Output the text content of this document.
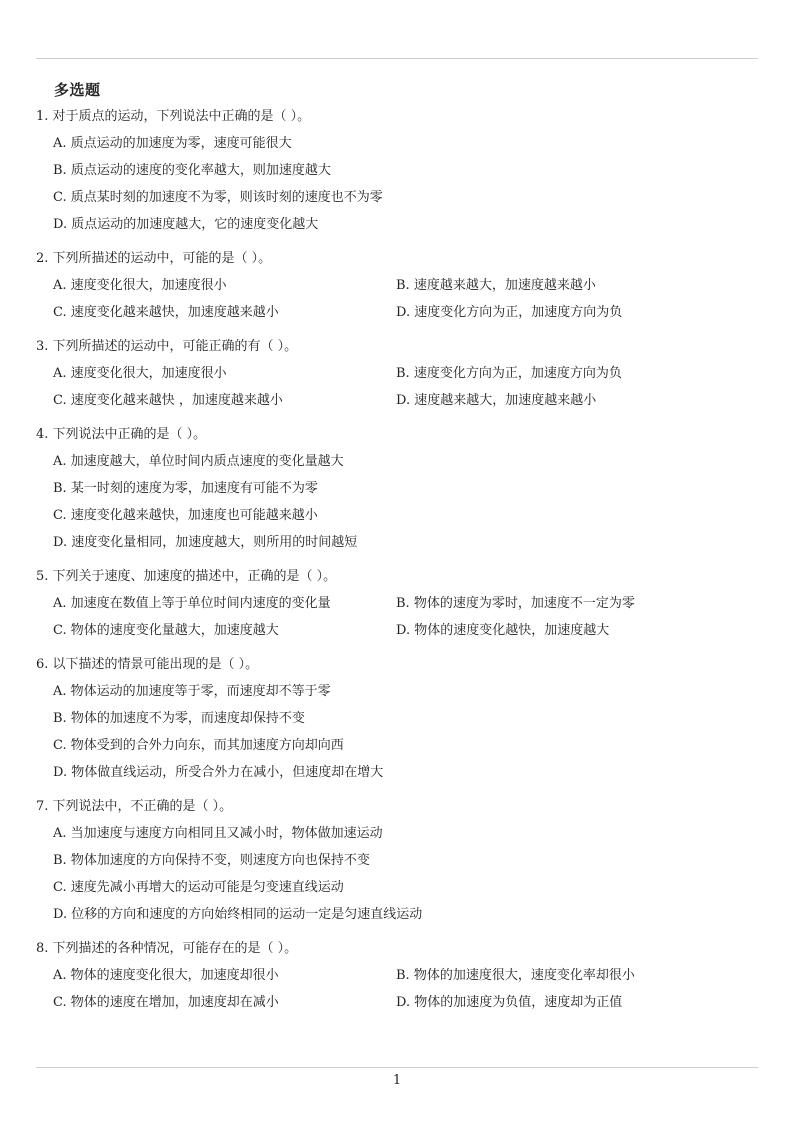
多选题
1. 对于质点的运动，下列说法中正确的是（ ）。
A. 质点运动的加速度为零，速度可能很大
B. 质点运动的速度的变化率越大，则加速度越大
C. 质点某时刻的加速度不为零，则该时刻的速度也不为零
D. 质点运动的加速度越大，它的速度变化越大
2. 下列所描述的运动中，可能的是（ ）。
A. 速度变化很大，加速度很小	B. 速度越来越大，加速度越来越小
C. 速度变化越来越快，加速度越来越小	D. 速度变化方向为正，加速度方向为负
3. 下列所描述的运动中，可能正确的有（ ）。
A. 速度变化很大，加速度很小	B. 速度变化方向为正，加速度方向为负
C. 速度变化越来越快 ，加速度越来越小	D. 速度越来越大，加速度越来越小
4. 下列说法中正确的是（ ）。
A. 加速度越大，单位时间内质点速度的变化量越大
B. 某一时刻的速度为零，加速度有可能不为零
C. 速度变化越来越快，加速度也可能越来越小
D. 速度变化量相同，加速度越大，则所用的时间越短
5. 下列关于速度、加速度的描述中，正确的是（ ）。
A. 加速度在数值上等于单位时间内速度的变化量	B. 物体的速度为零时，加速度不一定为零
C. 物体的速度变化量越大，加速度越大	D. 物体的速度变化越快，加速度越大
6. 以下描述的情景可能出现的是（ ）。
A. 物体运动的加速度等于零，而速度却不等于零
B. 物体的加速度不为零，而速度却保持不变
C. 物体受到的合外力向东，而其加速度方向却向西
D. 物体做直线运动，所受合外力在减小，但速度却在增大
7. 下列说法中，不正确的是（ ）。
A. 当加速度与速度方向相同且又减小时，物体做加速运动
B. 物体加速度的方向保持不变，则速度方向也保持不变
C. 速度先减小再增大的运动可能是匀变速直线运动
D. 位移的方向和速度的方向始终相同的运动一定是匀速直线运动
8. 下列描述的各种情况，可能存在的是（ ）。
A. 物体的速度变化很大，加速度却很小	B. 物体的加速度很大，速度变化率却很小
C. 物体的速度在增加，加速度却在减小	D. 物体的加速度为负值，速度却为正值
1
